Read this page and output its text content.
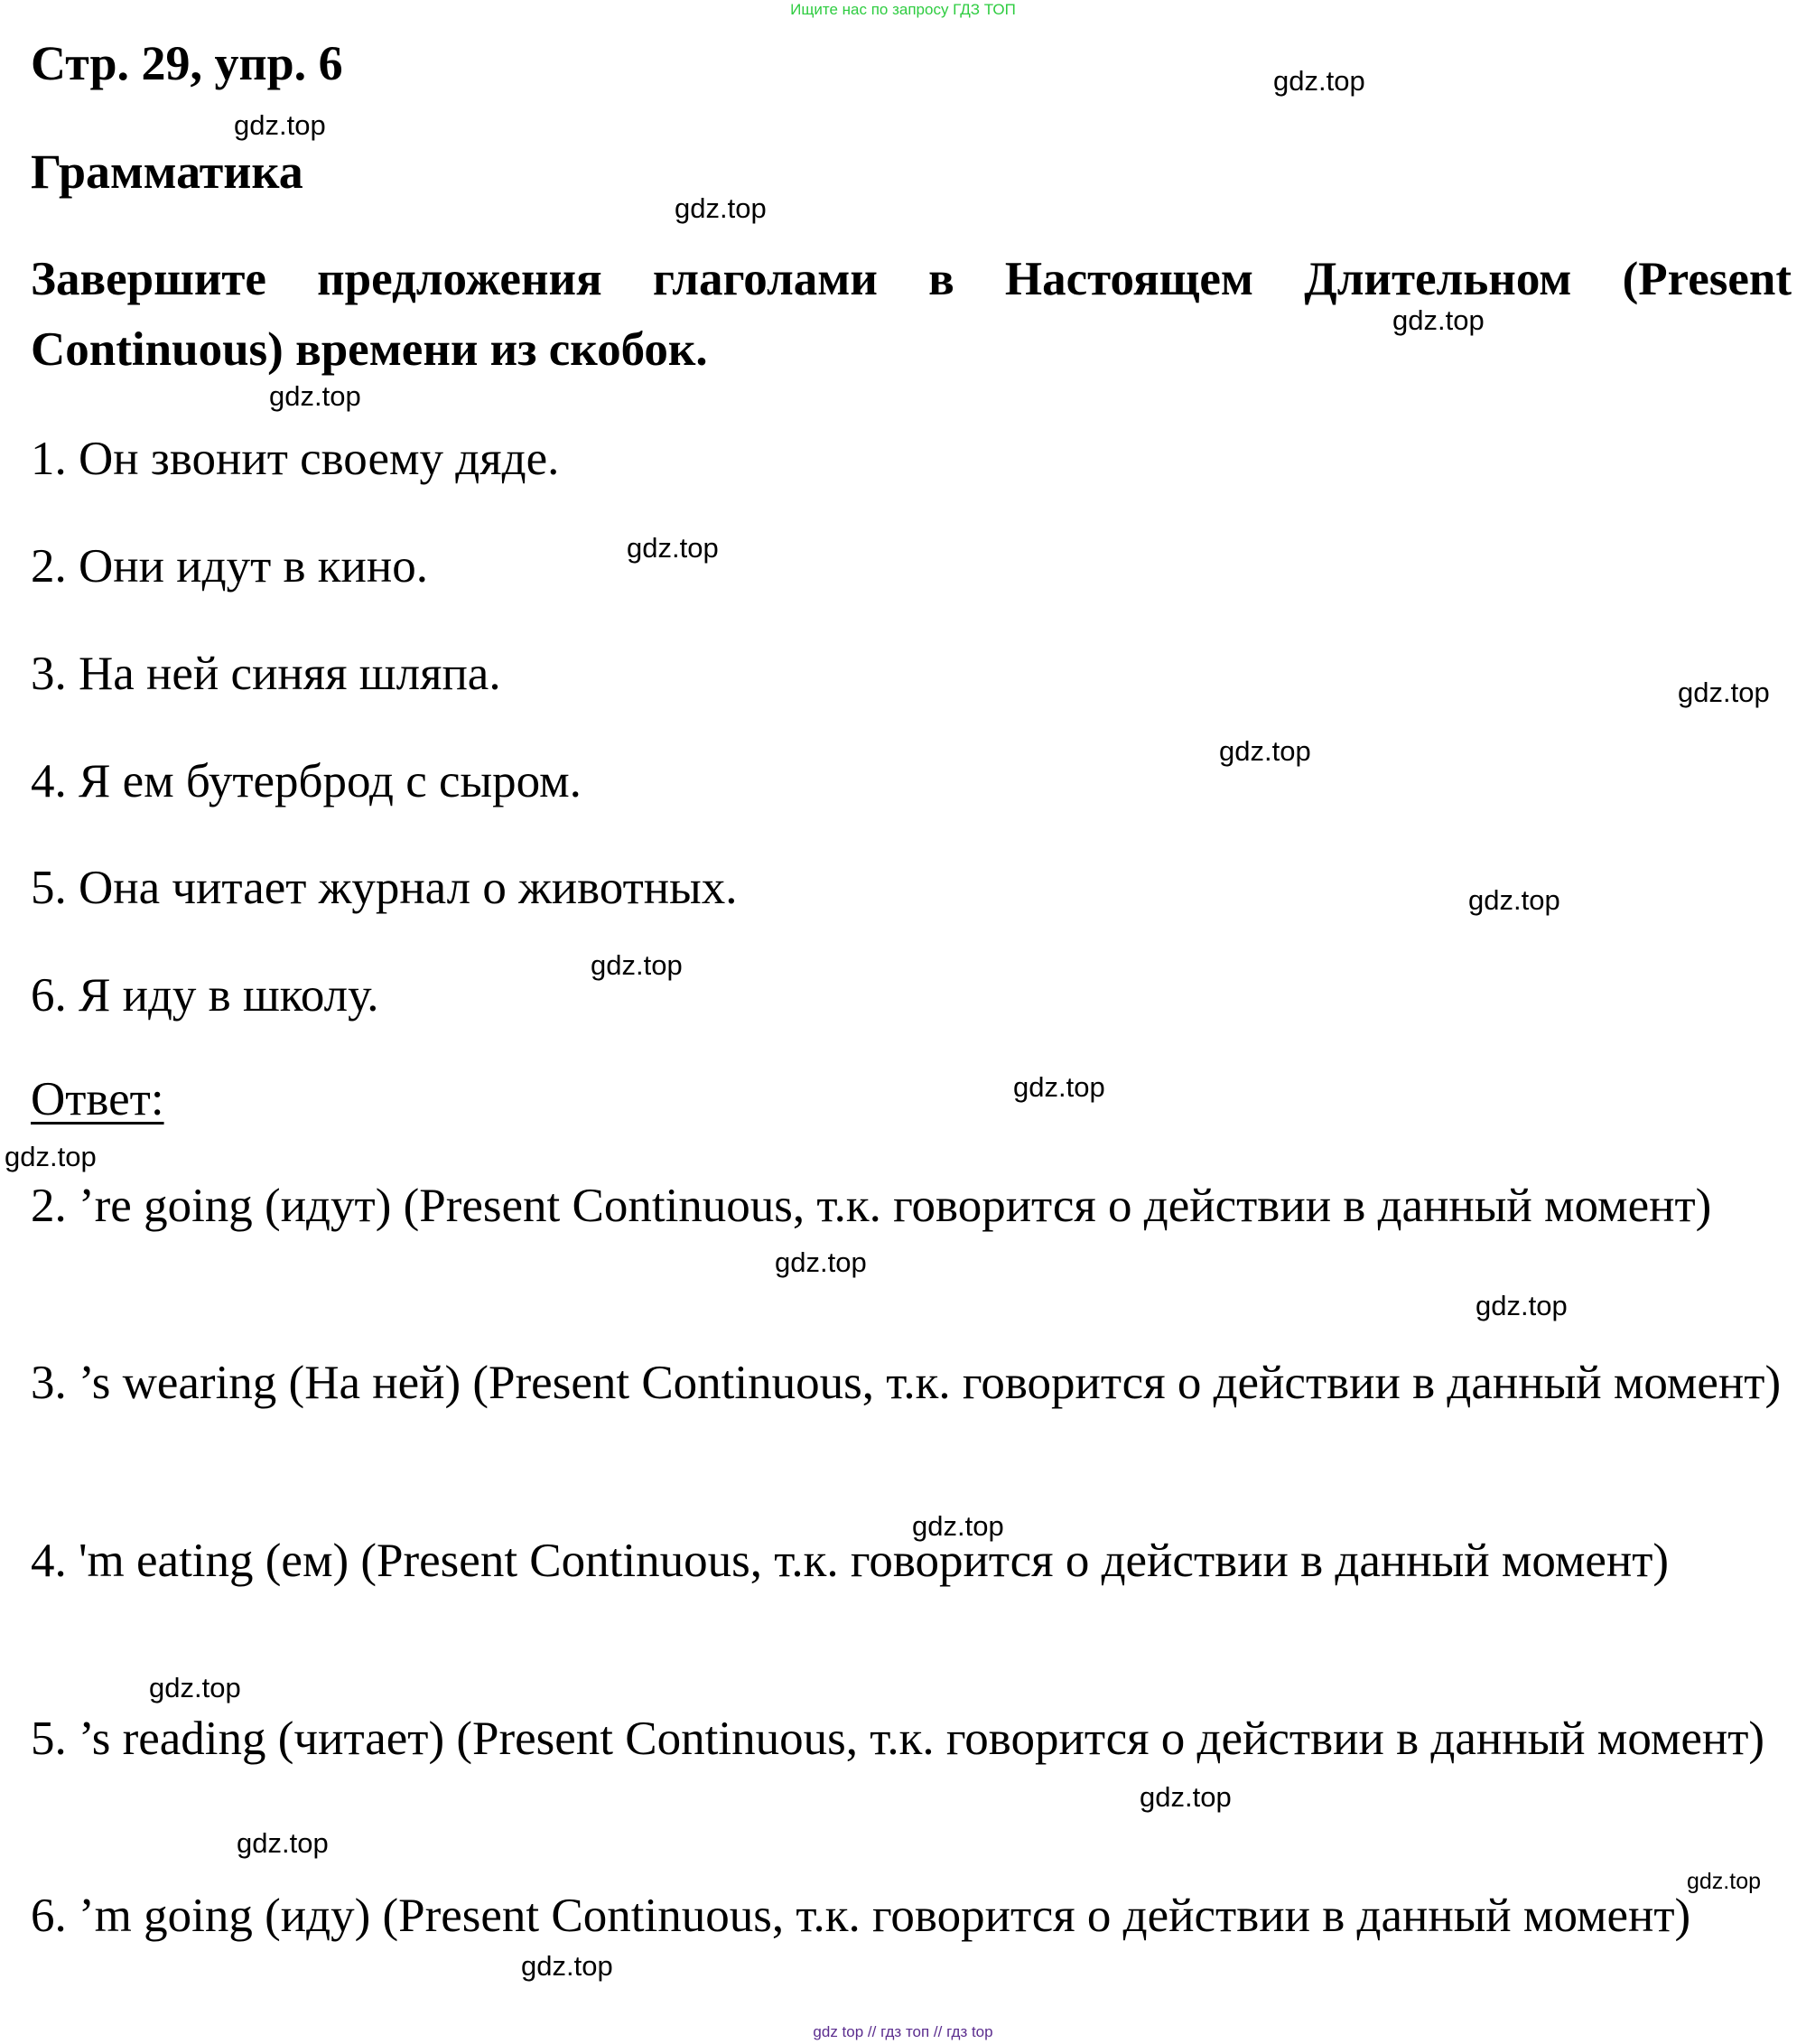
Ищите нас по запросу ГДЗ ТОП
Стр. 29, упр. 6
Грамматика

Завершите предложения глаголами в Настоящем Длительном (Present Continuous) времени из скобок.

1. Он звонит своему дяде.
2. Они идут в кино.
3. На ней синяя шляпа.
4. Я ем бутерброд с сыром.
5. Она читает журнал о животных.
6. Я иду в школу.
Ответ:

2. ’re going (идут) (Present Continuous, т.к. говорится о действии в данный момент)

3. ’s wearing (На ней) (Present Continuous, т.к. говорится о действии в данный момент)

4. 'm eating (ем) (Present Continuous, т.к. говорится о действии в данный момент)

5. ’s reading (читает) (Present Continuous, т.к. говорится о действии в данный момент)

6. ’m going (иду) (Present Continuous, т.к. говорится о действии в данный момент)

gdz.top
gdz.top
gdz.top
gdz.top
gdz.top
gdz.top
gdz.top
gdz.top
gdz.top
gdz.top
gdz.top
gdz.top
gdz.top
gdz.top
gdz.top
gdz.top
gdz.top
gdz.top
gdz.top
gdz.top
gdz top // гдз топ // гдз top
